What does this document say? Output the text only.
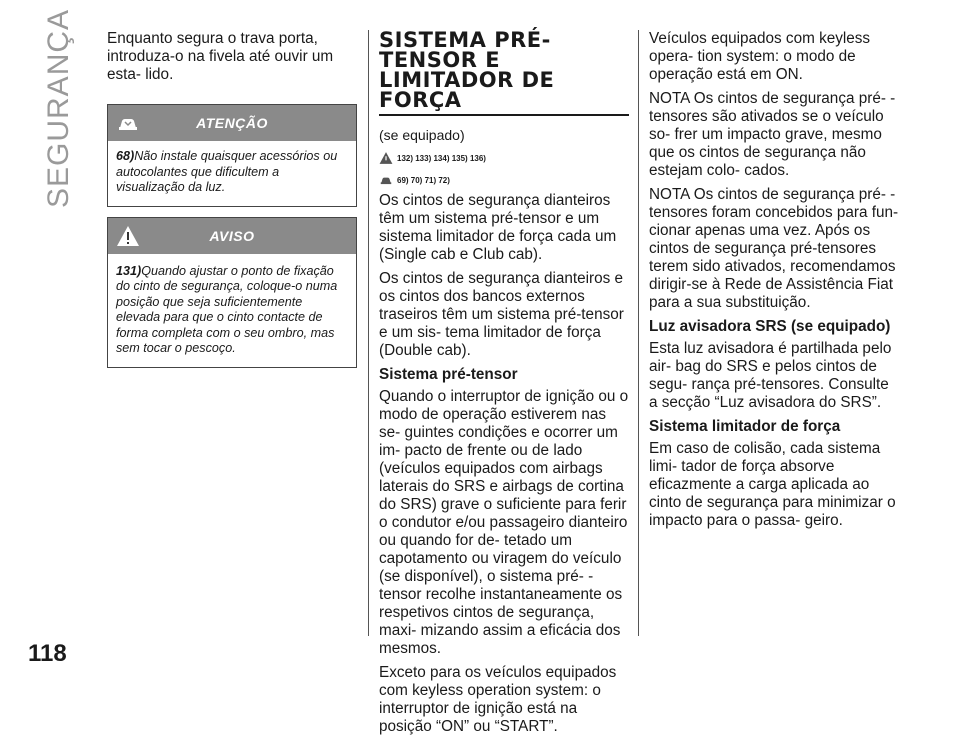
SEGURANÇA
118

Enquanto segura o trava porta, introduza-o na fivela até ouvir um esta- lido.

ATENÇÃO
68)Não instale quaisquer acessórios ou autocolantes que dificultem a visualização da luz.
AVISO
131)Quando ajustar o ponto de fixação do cinto de segurança, coloque-o numa posição que seja suficientemente elevada para que o cinto contacte de forma completa com o seu ombro, mas sem tocar o pescoço.
SISTEMA PRÉ-
TENSOR E
LIMITADOR DE
FORÇA

(se equipado)

132) 133) 134) 135) 136)
69) 70) 71) 72)

Os cintos de segurança dianteiros têm um sistema pré-tensor e um sistema limitador de força cada um (Single cab e Club cab).

Os cintos de segurança dianteiros e os cintos dos bancos externos traseiros têm um sistema pré-tensor e um sis- tema limitador de força (Double cab).

Sistema pré-tensor

Quando o interruptor de ignição ou o modo de operação estiverem nas se- guintes condições e ocorrer um im- pacto de frente ou de lado (veículos equipados com airbags laterais do SRS e airbags de cortina do SRS) grave o suficiente para ferir o condutor e/ou passageiro dianteiro ou quando for de- tetado um capotamento ou viragem do veículo (se disponível), o sistema pré- -tensor recolhe instantaneamente os respetivos cintos de segurança, maxi- mizando assim a eficácia dos mesmos.

Exceto para os veículos equipados com keyless operation system: o interruptor de ignição está na posição “ON” ou “START”.

Veículos equipados com keyless opera- tion system: o modo de operação está em ON.

NOTA Os cintos de segurança pré- -tensores são ativados se o veículo so- frer um impacto grave, mesmo que os cintos de segurança não estejam colo- cados.

NOTA Os cintos de segurança pré- -tensores foram concebidos para fun- cionar apenas uma vez. Após os cintos de segurança pré-tensores terem sido ativados, recomendamos dirigir-se à Rede de Assistência Fiat para a sua substituição.

Luz avisadora SRS (se equipado)

Esta luz avisadora é partilhada pelo air- bag do SRS e pelos cintos de segu- rança pré-tensores. Consulte a secção “Luz avisadora do SRS”.

Sistema limitador de força

Em caso de colisão, cada sistema limi- tador de força absorve eficazmente a carga aplicada ao cinto de segurança para minimizar o impacto para o passa- geiro.
